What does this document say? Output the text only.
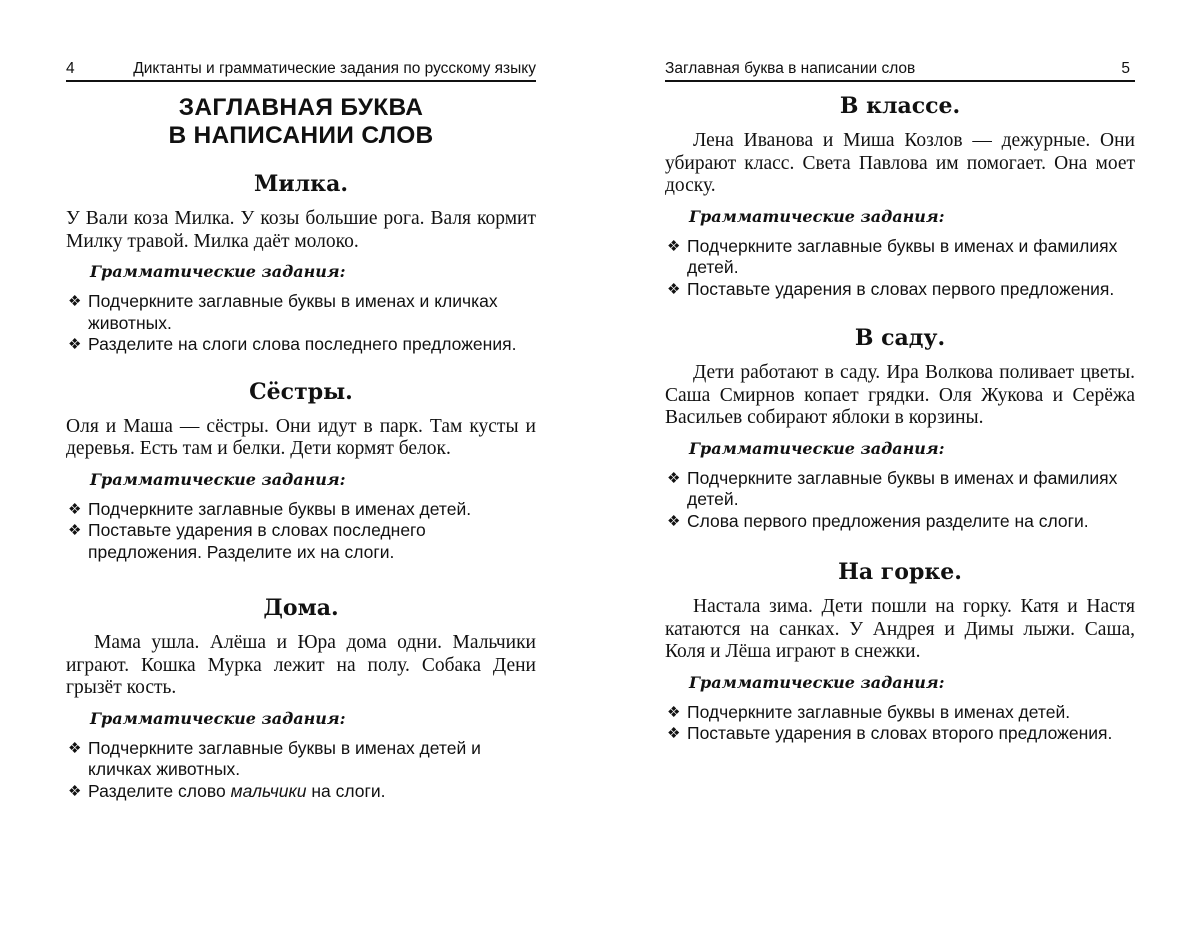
4	Диктанты и грамматические задания по русскому языку
ЗАГЛАВНАЯ БУКВА
В НАПИСАНИИ СЛОВ
Милка.

У Вали коза Милка. У козы большие рога. Валя кормит Милку травой. Милка даёт молоко.

Грамматические задания:
❖ Подчеркните заглавные буквы в именах и кличках животных.
❖ Разделите на слоги слова последнего предложения.
Сёстры.

Оля и Маша — сёстры. Они идут в парк. Там кусты и деревья. Есть там и белки. Дети кормят белок.

Грамматические задания:
❖ Подчеркните заглавные буквы в именах детей.
❖ Поставьте ударения в словах последнего предложения. Разделите их на слоги.
Дома.

Мама ушла. Алёша и Юра дома одни. Мальчики играют. Кошка Мурка лежит на полу. Собака Дени грызёт кость.

Грамматические задания:
❖ Подчеркните заглавные буквы в именах детей и кличках животных.
❖ Разделите слово мальчики на слоги.
Заглавная буква в написании слов	5
В классе.

Лена Иванова и Миша Козлов — дежурные. Они убирают класс. Света Павлова им помогает. Она моет доску.

Грамматические задания:
❖ Подчеркните заглавные буквы в именах и фамилиях детей.
❖ Поставьте ударения в словах первого предложения.
В саду.

Дети работают в саду. Ира Волкова поливает цветы. Саша Смирнов копает грядки. Оля Жукова и Серёжа Васильев собирают яблоки в корзины.

Грамматические задания:
❖ Подчеркните заглавные буквы в именах и фамилиях детей.
❖ Слова первого предложения разделите на слоги.
На горке.

Настала зима. Дети пошли на горку. Катя и Настя катаются на санках. У Андрея и Димы лыжи. Саша, Коля и Лёша играют в снежки.

Грамматические задания:
❖ Подчеркните заглавные буквы в именах детей.
❖ Поставьте ударения в словах второго предложения.
